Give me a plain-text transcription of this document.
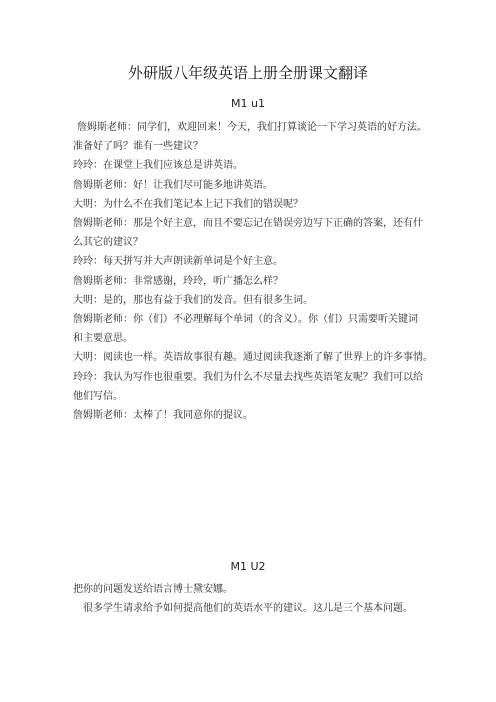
外研版八年级英语上册全册课文翻译
M1 u1

詹姆斯老师：同学们，欢迎回来！今天，我们打算谈论一下学习英语的好方法。

准备好了吗？谁有一些建议？

玲玲：在课堂上我们应该总是讲英语。

詹姆斯老师：好！让我们尽可能多地讲英语。

大明：为什么不在我们笔记本上记下我们的错误呢？

詹姆斯老师：那是个好主意，而且不要忘记在错误旁边写下正确的答案，还有什

么其它的建议？

玲玲：每天拼写并大声朗读新单词是个好主意。

詹姆斯老师：非常感谢，玲玲，听广播怎么样？

大明：是的，那也有益于我们的发音。但有很多生词。

詹姆斯老师：你（们）不必理解每个单词（的含义）。你（们）只需要听关键词

和主要意思。

大明：阅读也一样。英语故事很有趣。通过阅读我逐渐了解了世界上的许多事情。

玲玲：我认为写作也很重要。我们为什么不尽量去找些英语笔友呢？我们可以给

他们写信。

詹姆斯老师：太棒了！我同意你的提议。

M1 U2

把你的问题发送给语言博士黛安娜。

很多学生请求给予如何提高他们的英语水平的建议。这儿是三个基本问题。
